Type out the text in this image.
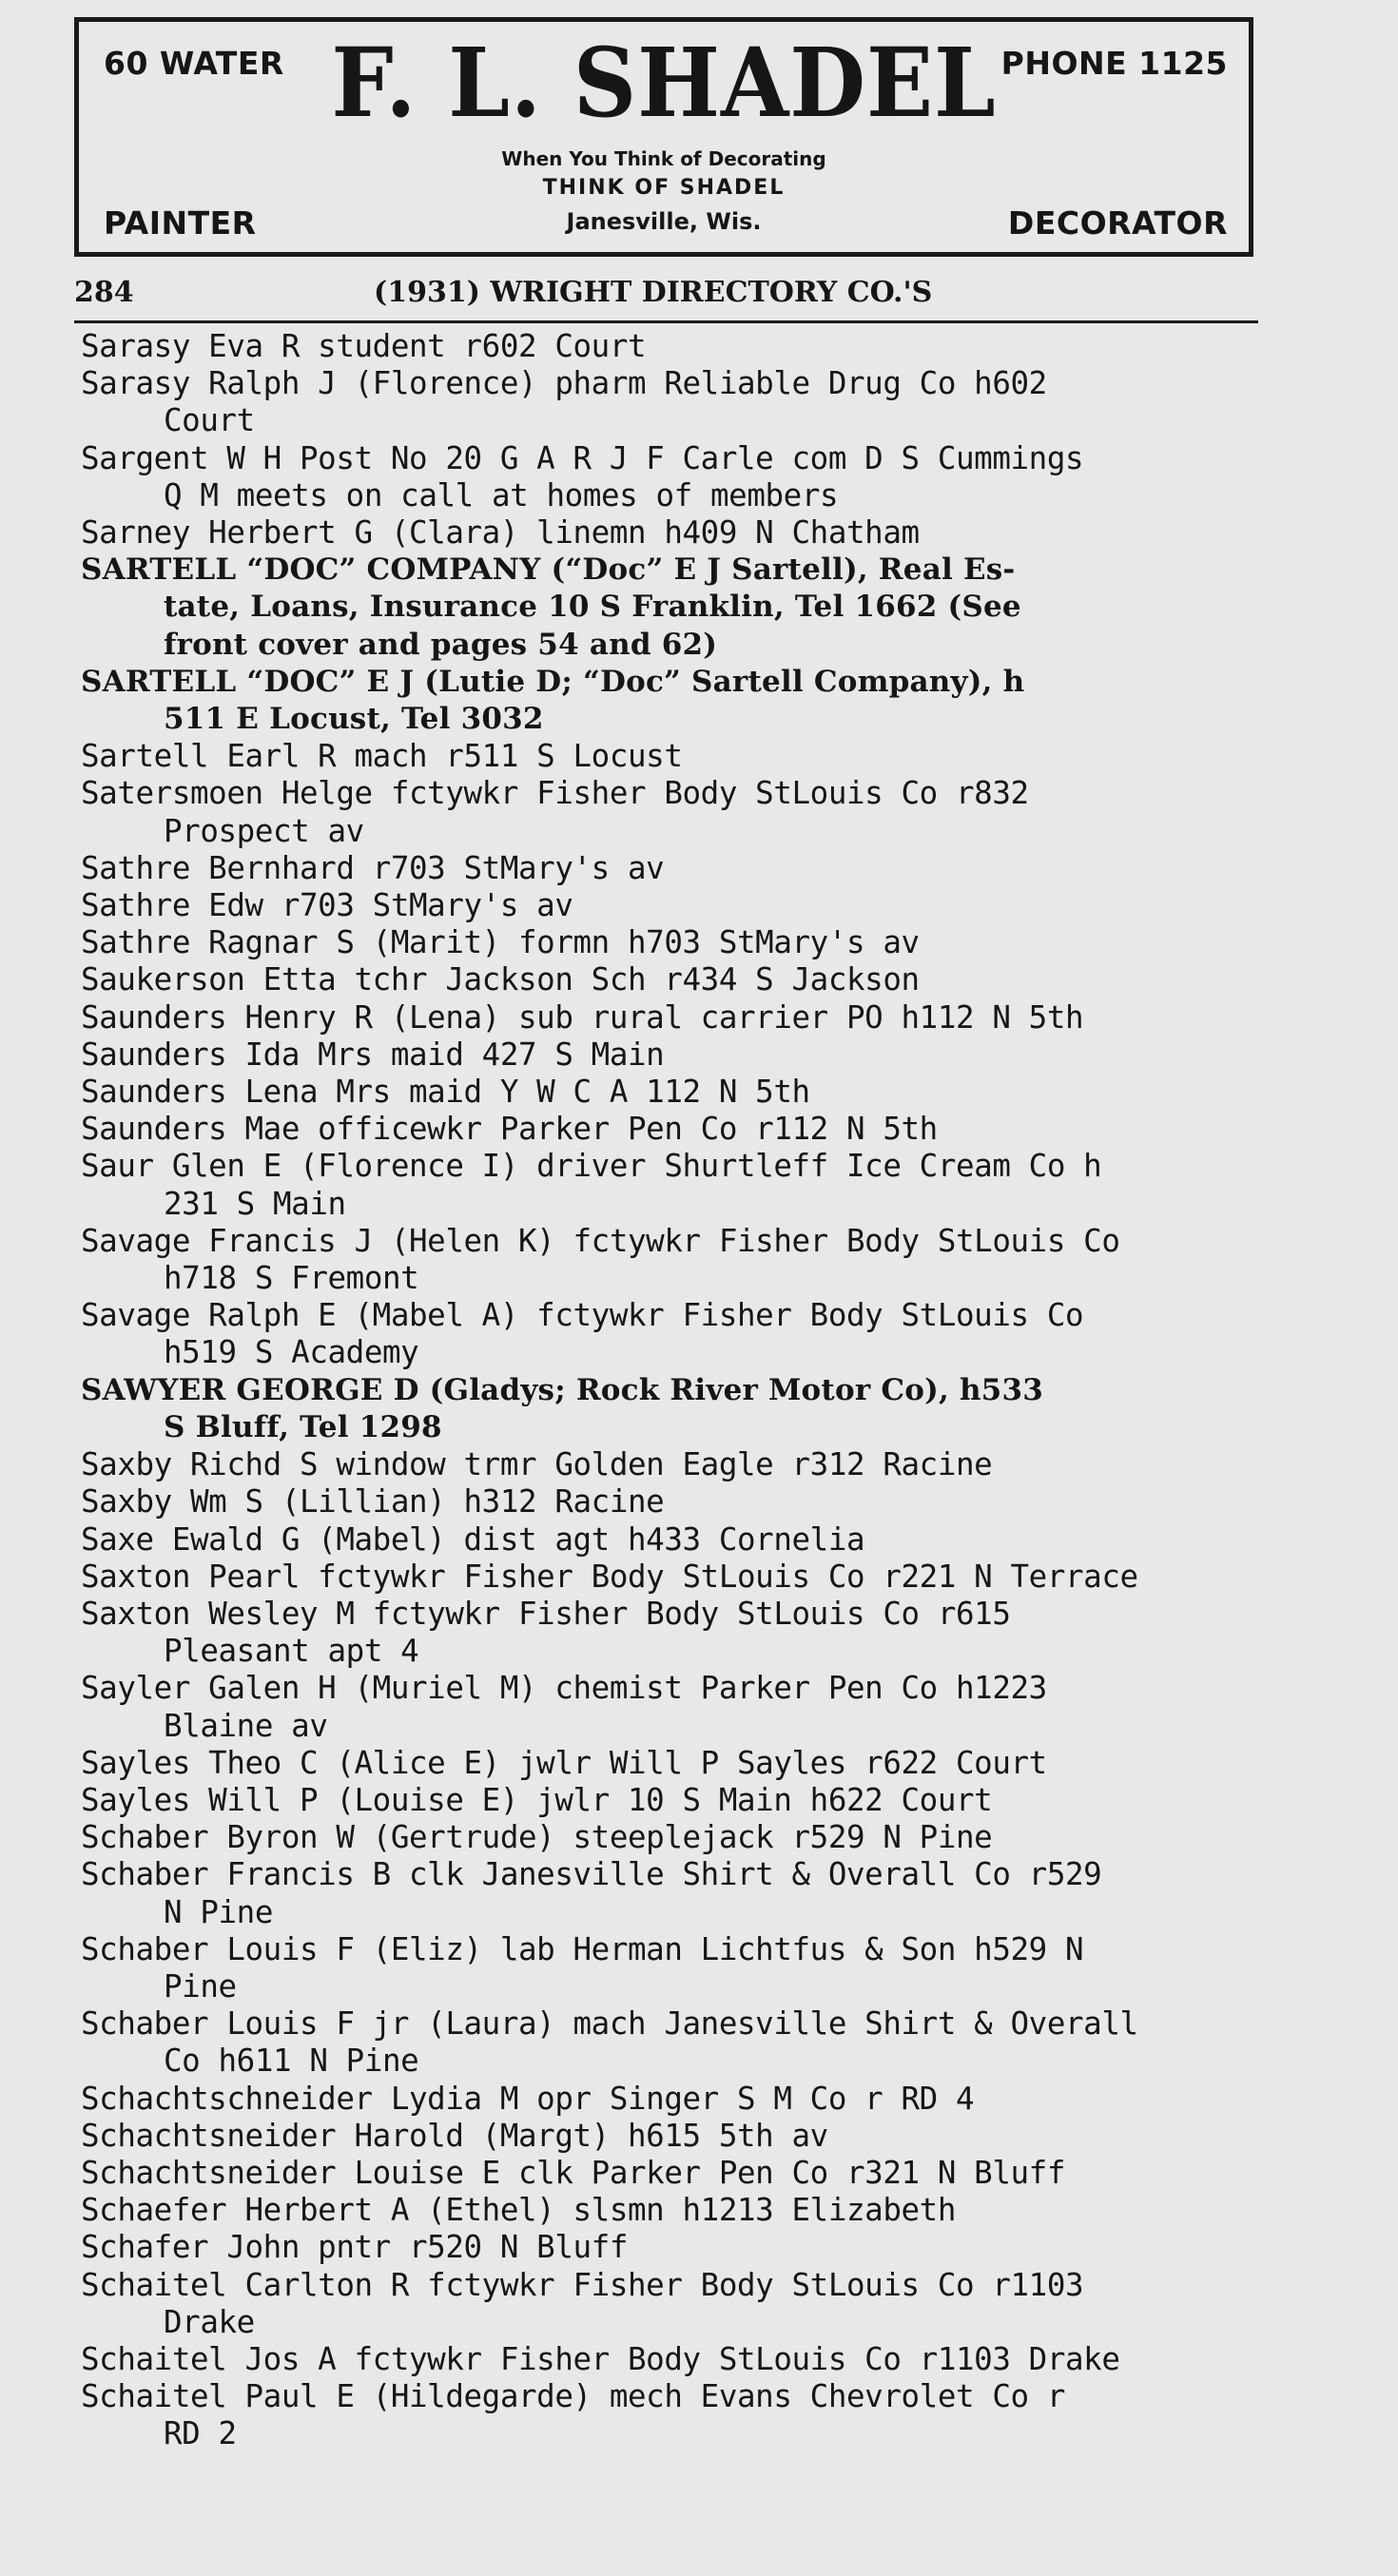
60 WATER	PHONE 1125
F. L. SHADEL
When You Think of Decorating
THINK OF SHADEL
PAINTER	Janesville, Wis.	DECORATOR
284	(1931) WRIGHT DIRECTORY CO.'S
Sarasy Eva R student r602 Court
Sarasy Ralph J (Florence) pharm Reliable Drug Co h602
Court
Sargent W H Post No 20 G A R J F Carle com D S Cummings
Q M meets on call at homes of members
Sarney Herbert G (Clara) linemn h409 N Chatham
SARTELL “DOC” COMPANY (“Doc” E J Sartell), Real Es-
tate, Loans, Insurance 10 S Franklin, Tel 1662 (See
front cover and pages 54 and 62)
SARTELL “DOC” E J (Lutie D; “Doc” Sartell Company), h
511 E Locust, Tel 3032
Sartell Earl R mach r511 S Locust
Satersmoen Helge fctywkr Fisher Body StLouis Co r832
Prospect av
Sathre Bernhard r703 StMary's av
Sathre Edw r703 StMary's av
Sathre Ragnar S (Marit) formn h703 StMary's av
Saukerson Etta tchr Jackson Sch r434 S Jackson
Saunders Henry R (Lena) sub rural carrier PO h112 N 5th
Saunders Ida Mrs maid 427 S Main
Saunders Lena Mrs maid Y W C A 112 N 5th
Saunders Mae officewkr Parker Pen Co r112 N 5th
Saur Glen E (Florence I) driver Shurtleff Ice Cream Co h
231 S Main
Savage Francis J (Helen K) fctywkr Fisher Body StLouis Co
h718 S Fremont
Savage Ralph E (Mabel A) fctywkr Fisher Body StLouis Co
h519 S Academy
SAWYER GEORGE D (Gladys; Rock River Motor Co), h533
S Bluff, Tel 1298
Saxby Richd S window trmr Golden Eagle r312 Racine
Saxby Wm S (Lillian) h312 Racine
Saxe Ewald G (Mabel) dist agt h433 Cornelia
Saxton Pearl fctywkr Fisher Body StLouis Co r221 N Terrace
Saxton Wesley M fctywkr Fisher Body StLouis Co r615
Pleasant apt 4
Sayler Galen H (Muriel M) chemist Parker Pen Co h1223
Blaine av
Sayles Theo C (Alice E) jwlr Will P Sayles r622 Court
Sayles Will P (Louise E) jwlr 10 S Main h622 Court
Schaber Byron W (Gertrude) steeplejack r529 N Pine
Schaber Francis B clk Janesville Shirt & Overall Co r529
N Pine
Schaber Louis F (Eliz) lab Herman Lichtfus & Son h529 N
Pine
Schaber Louis F jr (Laura) mach Janesville Shirt & Overall
Co h611 N Pine
Schachtschneider Lydia M opr Singer S M Co r RD 4
Schachtsneider Harold (Margt) h615 5th av
Schachtsneider Louise E clk Parker Pen Co r321 N Bluff
Schaefer Herbert A (Ethel) slsmn h1213 Elizabeth
Schafer John pntr r520 N Bluff
Schaitel Carlton R fctywkr Fisher Body StLouis Co r1103
Drake
Schaitel Jos A fctywkr Fisher Body StLouis Co r1103 Drake
Schaitel Paul E (Hildegarde) mech Evans Chevrolet Co r
RD 2
